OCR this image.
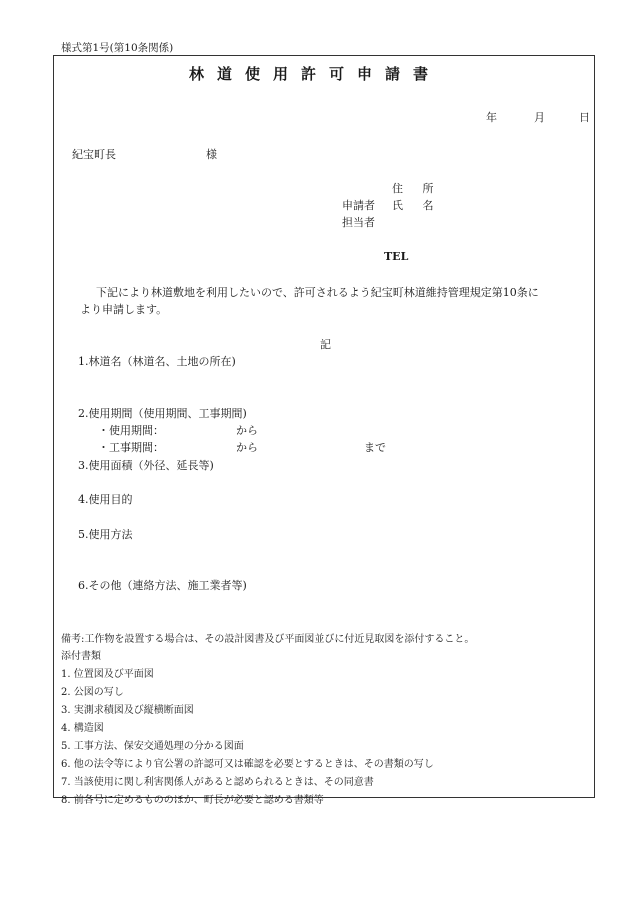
様式第1号(第10条関係)
林道使用許可申請書
年	月	日
紀宝町長	様
住 所
申請者 氏 名
担当者
TEL
下記により林道敷地を利用したいので、許可されるよう紀宝町林道維持管理規定第10条に
より申請します。
記
1.林道名（林道名、土地の所在)
2.使用期間（使用期間、工事期間)
・使用期間：	から
・工事期間：	から	まで
3.使用面積（外径、延長等)
4.使用目的
5.使用方法
6.その他（連絡方法、施工業者等)
備考:工作物を設置する場合は、その設計図書及び平面図並びに付近見取図を添付すること。
添付書類
1. 位置図及び平面図
2. 公図の写し
3. 実測求積図及び縦横断面図
4. 構造図
5. 工事方法、保安交通処理の分かる図面
6. 他の法令等により官公署の許認可又は確認を必要とするときは、その書類の写し
7. 当該使用に関し利害関係人があると認められるときは、その同意書
8. 前各号に定めるもののほか、町長が必要と認める書類等
